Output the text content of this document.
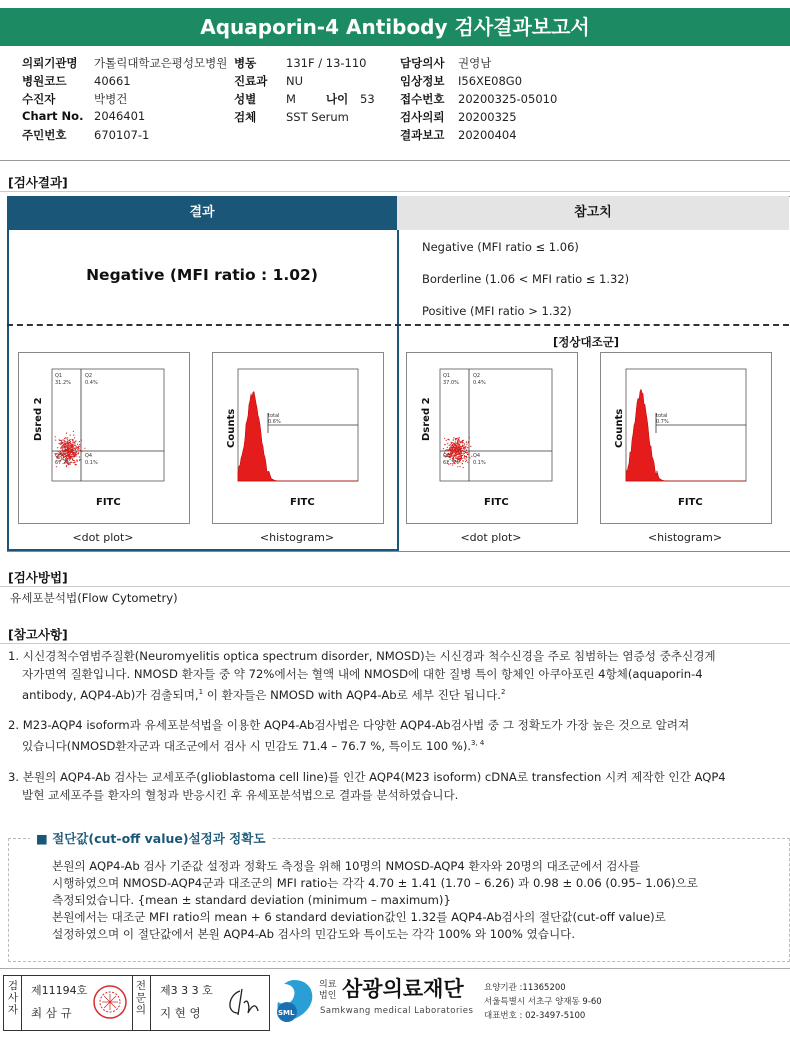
Aquaporin-4 Antibody 검사결과보고서
의뢰기관명 가톨릭대학교은평성모병원
병원코드 40661
수진자	박병건
Chart No. 2046401
주민번호 670107-1
병동	131F / 13-110
진료과 NU
성별	M	나이 53
검체	SST Serum
담당의사 권영남
임상정보 I56XE08G0
접수번호 20200325-05010
검사의뢰 20200325
결과보고 20200404
[검사결과]
결과	참고치
Negative (MFI ratio : 1.02)
Negative (MFI ratio ≤ 1.06)
Borderline (1.06 < MFI ratio ≤ 1.32)
Positive (MFI ratio > 1.32)
[정상대조군]
Q1
31.2%
Q2
0.4%
Q3
67.2%
Q4
0.1%
Dsred 2
FITC
total
0.6%
Counts
FITC
Q1
37.0%
Q2
0.4%
Q3
62.3%
Q4
0.1%
Dsred 2
FITC
total
0.7%
Counts
FITC
<dot plot>	<histogram>	<dot plot>	<histogram>
[검사방법]
유세포분석법(Flow Cytometry)
[참고사항]
1. 시신경척수염범주질환(Neuromyelitis optica spectrum disorder, NMOSD)는 시신경과 척수신경을 주로 침범하는 염증성 중추신경계
자가면역 질환입니다. NMOSD 환자들 중 약 72%에서는 혈액 내에 NMOSD에 대한 질병 특이 항체인 아쿠아포린 4항체(aquaporin-4
antibody, AQP4-Ab)가 검출되며,$^1$ 이 환자들은 NMOSD with AQP4-Ab로 세부 진단 됩니다.$^2$
2. M23-AQP4 isoform과 유세포분석법을 이용한 AQP4-Ab검사법은 다양한 AQP4-Ab검사법 중 그 정확도가 가장 높은 것으로 알려져
있습니다(NMOSD환자군과 대조군에서 검사 시 민감도 71.4 – 76.7 %, 특이도 100 %).$^{3, 4}$
3. 본원의 AQP4-Ab 검사는 교세포주(glioblastoma cell line)를 인간 AQP4(M23 isoform) cDNA로 transfection 시켜 제작한 인간 AQP4
발현 교세포주를 환자의 혈청과 반응시킨 후 유세포분석법으로 결과를 분석하였습니다.
■ 절단값(cut-off value)설정과 정확도
본원의 AQP4-Ab 검사 기준값 설정과 정확도 측정을 위해 10명의 NMOSD-AQP4 환자와 20명의 대조군에서 검사를
시행하였으며 NMOSD-AQP4군과 대조군의 MFI ratio는 각각 4.70 ± 1.41 (1.70 – 6.26) 과 0.98 ± 0.06 (0.95– 1.06)으로
측정되었습니다. {mean ± standard deviation (minimum – maximum)}
본원에서는 대조군 MFI ratio의 mean + 6 standard deviation값인 1.32를 AQP4-Ab검사의 절단값(cut-off value)로
설정하였으며 이 절단값에서 본원 AQP4-Ab 검사의 민감도와 특이도는 각각 100% 와 100% 였습니다.
검사자
제11194호
최 삼 규
전문의
제3 3 3 호
지 현 영	SML
의료법인 삼광의료재단
Samkwang medical Laboratories
요양기관 :11365200
서울특별시 서초구 양재동 9-60
대표번호 : 02-3497-5100
